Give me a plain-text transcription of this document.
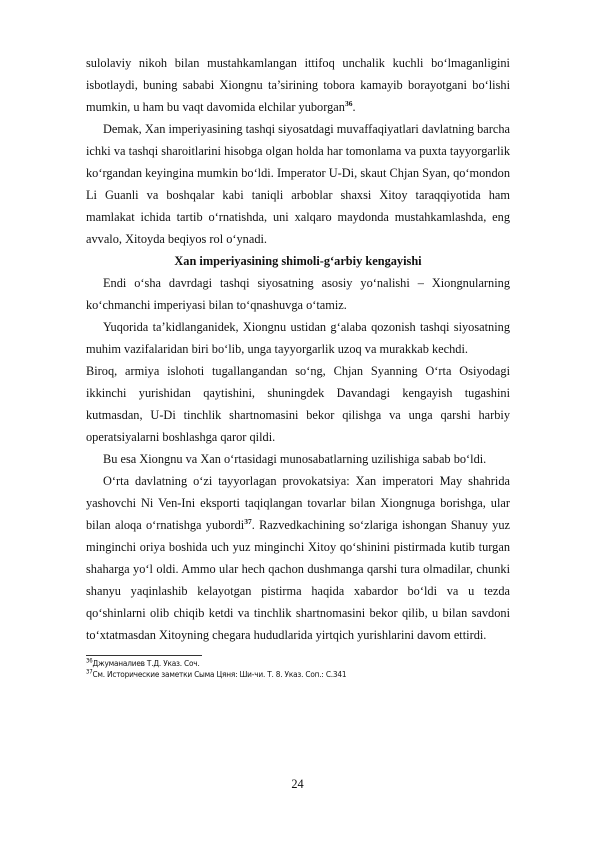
sulolaviy nikoh bilan mustahkamlangan ittifoq unchalik kuchli bo‘lmaganligini isbotlaydi, buning sababi Xiongnu ta’sirining tobora kamayib borayotgani bo‘lishi mumkin, u ham bu vaqt davomida elchilar yuborgan$^{36}$.

Demak, Xan imperiyasining tashqi siyosatdagi muvaffaqiyatlari davlatning barcha ichki va tashqi sharoitlarini hisobga olgan holda har tomonlama va puxta tayyorgarlik ko‘rgandan keyingina mumkin bo‘ldi. Imperator U-Di, skaut Chjan Syan, qo‘mondon Li Guanli va boshqalar kabi taniqli arboblar shaxsi Xitoy taraqqiyotida ham mamlakat ichida tartib o‘rnatishda, uni xalqaro maydonda mustahkamlashda, eng avvalo, Xitoyda beqiyos rol o‘ynadi.

Xan imperiyasining shimoli-g‘arbiy kengayishi

Endi o‘sha davrdagi tashqi siyosatning asosiy yo‘nalishi – Xiongnularning ko‘chmanchi imperiyasi bilan to‘qnashuvga o‘tamiz.

Yuqorida ta’kidlanganidek, Xiongnu ustidan g‘alaba qozonish tashqi siyosatning muhim vazifalaridan biri bo‘lib, unga tayyorgarlik uzoq va murakkab kechdi.

Biroq, armiya islohoti tugallangandan so‘ng, Chjan Syanning O‘rta Osiyodagi ikkinchi yurishidan qaytishini, shuningdek Davandagi kengayish tugashini kutmasdan, U-Di tinchlik shartnomasini bekor qilishga va unga qarshi harbiy operatsiyalarni boshlashga qaror qildi.

Bu esa Xiongnu va Xan o‘rtasidagi munosabatlarning uzilishiga sabab bo‘ldi.

O‘rta davlatning o‘zi tayyorlagan provokatsiya: Xan imperatori May shahrida yashovchi Ni Ven-Ini eksporti taqiqlangan tovarlar bilan Xiongnuga borishga, ular bilan aloqa o‘rnatishga yubordi$^{37}$. Razvedkachining so‘zlariga ishongan Shanuy yuz minginchi oriya boshida uch yuz minginchi Xitoy qo‘shinini pistirmada kutib turgan shaharga yo‘l oldi. Ammo ular hech qachon dushmanga qarshi tura olmadilar, chunki shanyu yaqinlashib kelayotgan pistirma haqida xabardor bo‘ldi va u tezda qo‘shinlarni olib chiqib ketdi va tinchlik shartnomasini bekor qilib, u bilan savdoni to‘xtatmasdan Xitoyning chegara hududlarida yirtqich yurishlarini davom ettirdi.

$^{36}$Джуманалиев Т.Д. Указ. Соч.

$^{37}$См. Исторические заметки Сыма Цяня: Ши-чи. Т. 8. Указ. Соп.: С.341

24
